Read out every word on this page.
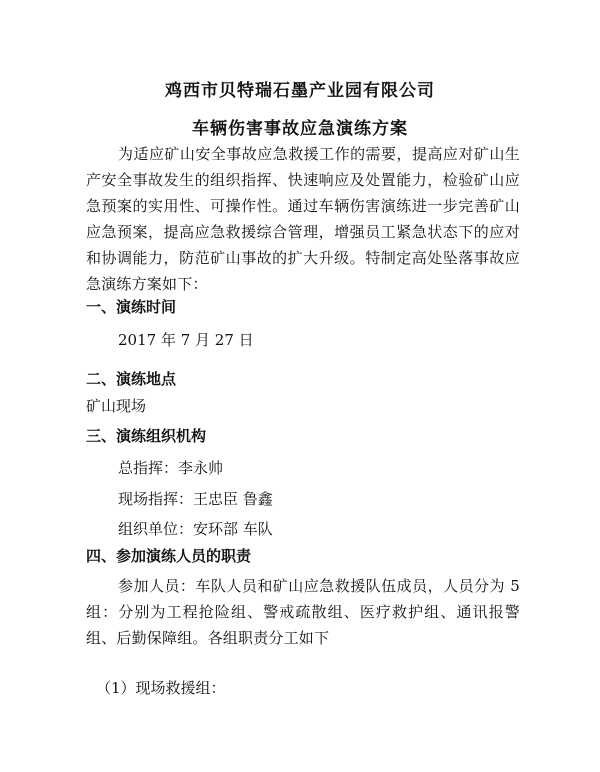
鸡西市贝特瑞石墨产业园有限公司
车辆伤害事故应急演练方案
为适应矿山安全事故应急救援工作的需要，提高应对矿山生产安全事故发生的组织指挥、快速响应及处置能力，检验矿山应急预案的实用性、可操作性。通过车辆伤害演练进一步完善矿山应急预案，提高应急救援综合管理，增强员工紧急状态下的应对和协调能力，防范矿山事故的扩大升级。特制定高处坠落事故应急演练方案如下：
一、演练时间
2017 年 7 月 27 日
二、演练地点
矿山现场
三、演练组织机构
总指挥：李永帅
现场指挥：王忠臣 鲁鑫
组织单位：安环部 车队
四、参加演练人员的职责
参加人员：车队人员和矿山应急救援队伍成员，人员分为 5 组：分别为工程抢险组、警戒疏散组、医疗救护组、通讯报警组、后勤保障组。各组职责分工如下
（1）现场救援组：
